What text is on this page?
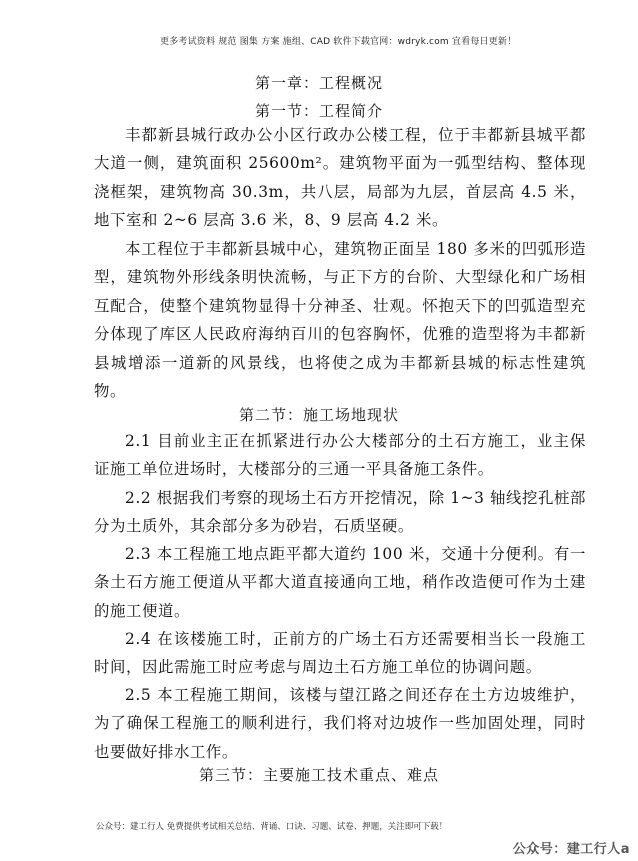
更多考试资料 规范 图集 方案 施组、CAD 软件下载官网：wdryk.com 宜看每日更新！
第一章：工程概况
第一节：工程简介

丰都新县城行政办公小区行政办公楼工程，位于丰都新县城平都大道一侧，建筑面积 25600m²。建筑物平面为一弧型结构、整体现浇框架，建筑物高 30.3m，共八层，局部为九层，首层高 4.5 米，地下室和 2~6 层高 3.6 米，8、9 层高 4.2 米。

本工程位于丰都新县城中心，建筑物正面呈 180 多米的凹弧形造型，建筑物外形线条明快流畅，与正下方的台阶、大型绿化和广场相互配合，使整个建筑物显得十分神圣、壮观。怀抱天下的凹弧造型充分体现了库区人民政府海纳百川的包容胸怀，优雅的造型将为丰都新县城增添一道新的风景线，也将使之成为丰都新县城的标志性建筑物。

第二节：施工场地现状

2.1 目前业主正在抓紧进行办公大楼部分的土石方施工，业主保证施工单位进场时，大楼部分的三通一平具备施工条件。

2.2 根据我们考察的现场土石方开挖情况，除 1~3 轴线挖孔桩部分为土质外，其余部分多为砂岩，石质坚硬。

2.3 本工程施工地点距平都大道约 100 米，交通十分便利。有一条土石方施工便道从平都大道直接通向工地，稍作改造便可作为土建的施工便道。

2.4 在该楼施工时，正前方的广场土石方还需要相当长一段施工时间，因此需施工时应考虑与周边土石方施工单位的协调问题。

2.5 本工程施工期间，该楼与望江路之间还存在土方边坡维护，为了确保工程施工的顺利进行，我们将对边坡作一些加固处理，同时也要做好排水工作。

第三节：主要施工技术重点、难点
公众号：建工行人 免费提供考试相关总结、背诵、口诀、习题、试卷、押题，关注即可下载！
公众号：建工行人a
